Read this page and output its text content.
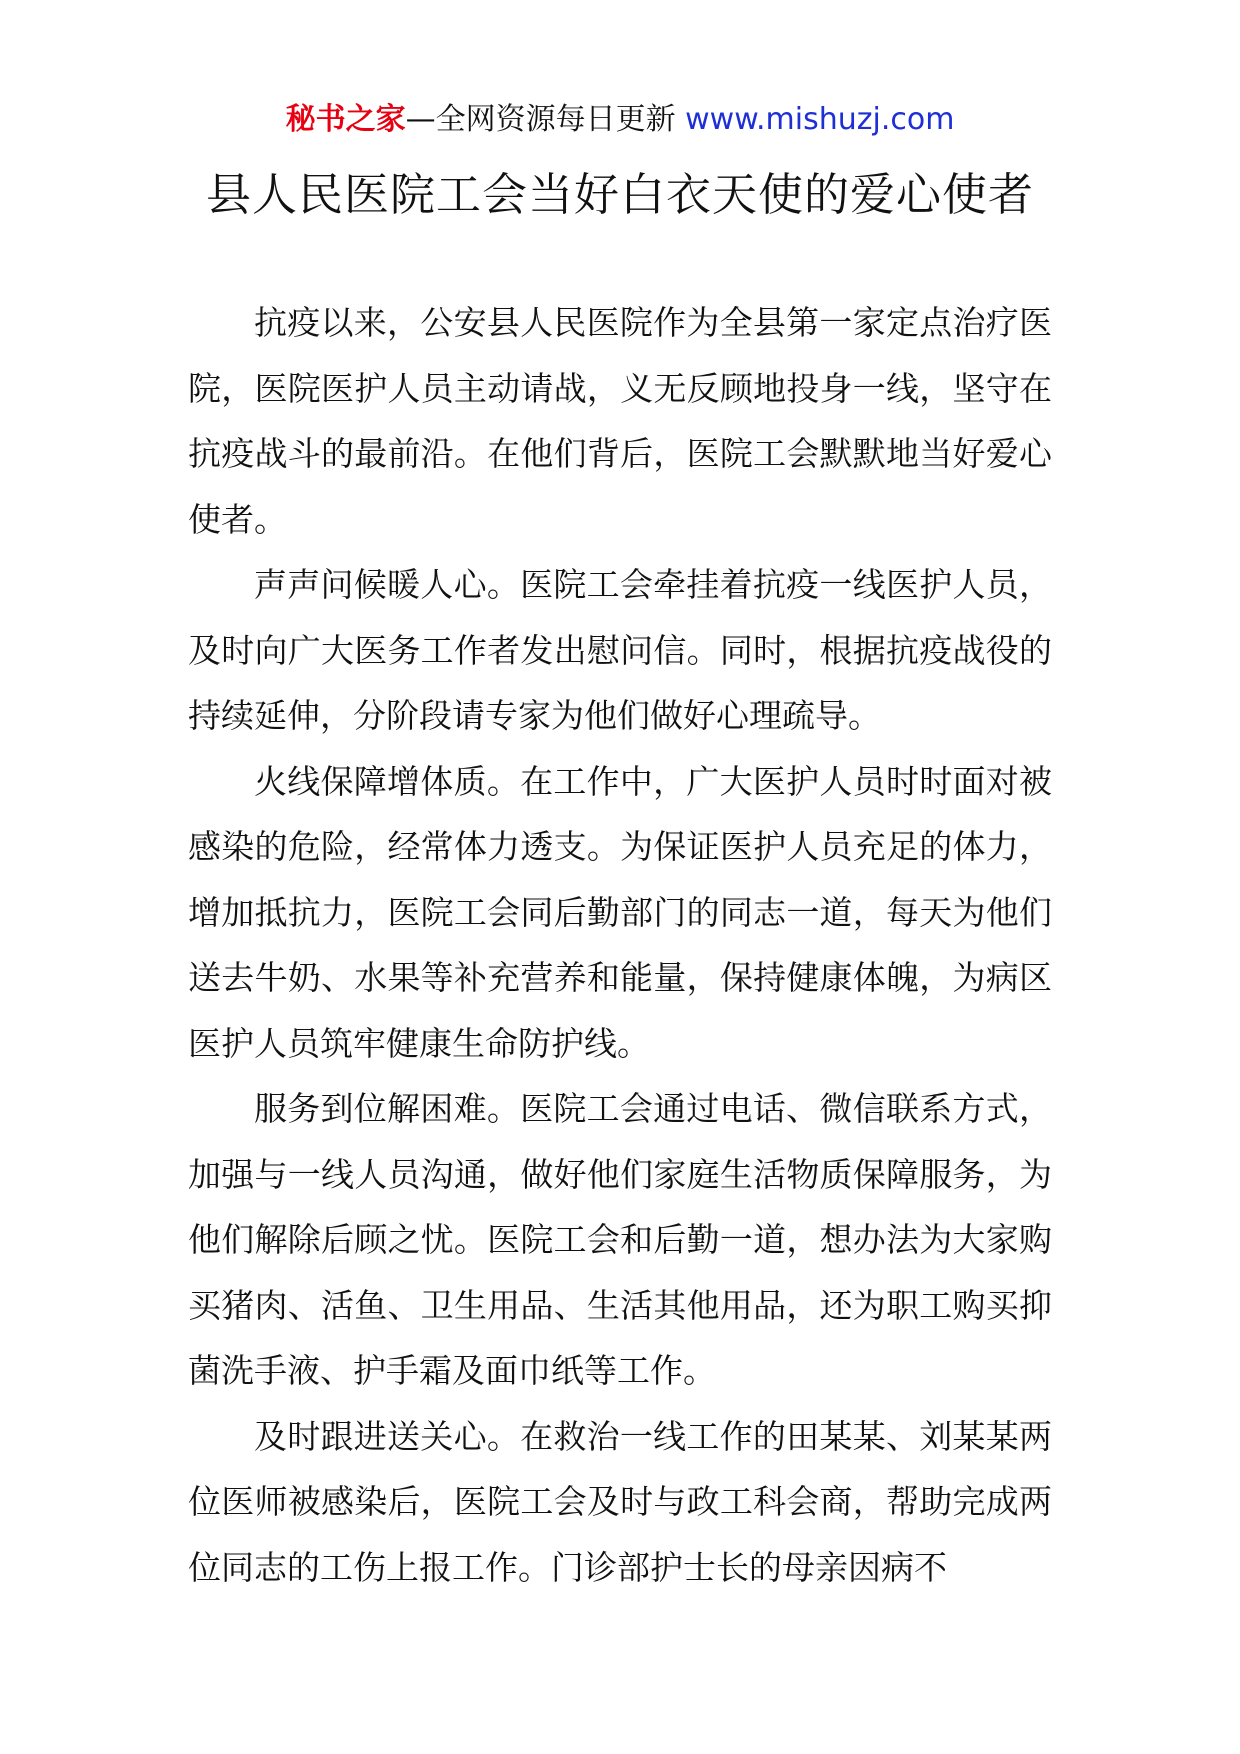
秘书之家—全网资源每日更新 www.mishuzj.com
县人民医院工会当好白衣天使的爱心使者

抗疫以来，公安县人民医院作为全县第一家定点治疗医院，医院医护人员主动请战，义无反顾地投身一线，坚守在抗疫战斗的最前沿。在他们背后，医院工会默默地当好爱心使者。

声声问候暖人心。医院工会牵挂着抗疫一线医护人员，及时向广大医务工作者发出慰问信。同时，根据抗疫战役的持续延伸，分阶段请专家为他们做好心理疏导。

火线保障增体质。在工作中，广大医护人员时时面对被感染的危险，经常体力透支。为保证医护人员充足的体力，增加抵抗力，医院工会同后勤部门的同志一道，每天为他们送去牛奶、水果等补充营养和能量，保持健康体魄，为病区医护人员筑牢健康生命防护线。

服务到位解困难。医院工会通过电话、微信联系方式，加强与一线人员沟通，做好他们家庭生活物质保障服务，为他们解除后顾之忧。医院工会和后勤一道，想办法为大家购买猪肉、活鱼、卫生用品、生活其他用品，还为职工购买抑菌洗手液、护手霜及面巾纸等工作。

及时跟进送关心。在救治一线工作的田某某、刘某某两位医师被感染后，医院工会及时与政工科会商，帮助完成两位同志的工伤上报工作。门诊部护士长的母亲因病不
